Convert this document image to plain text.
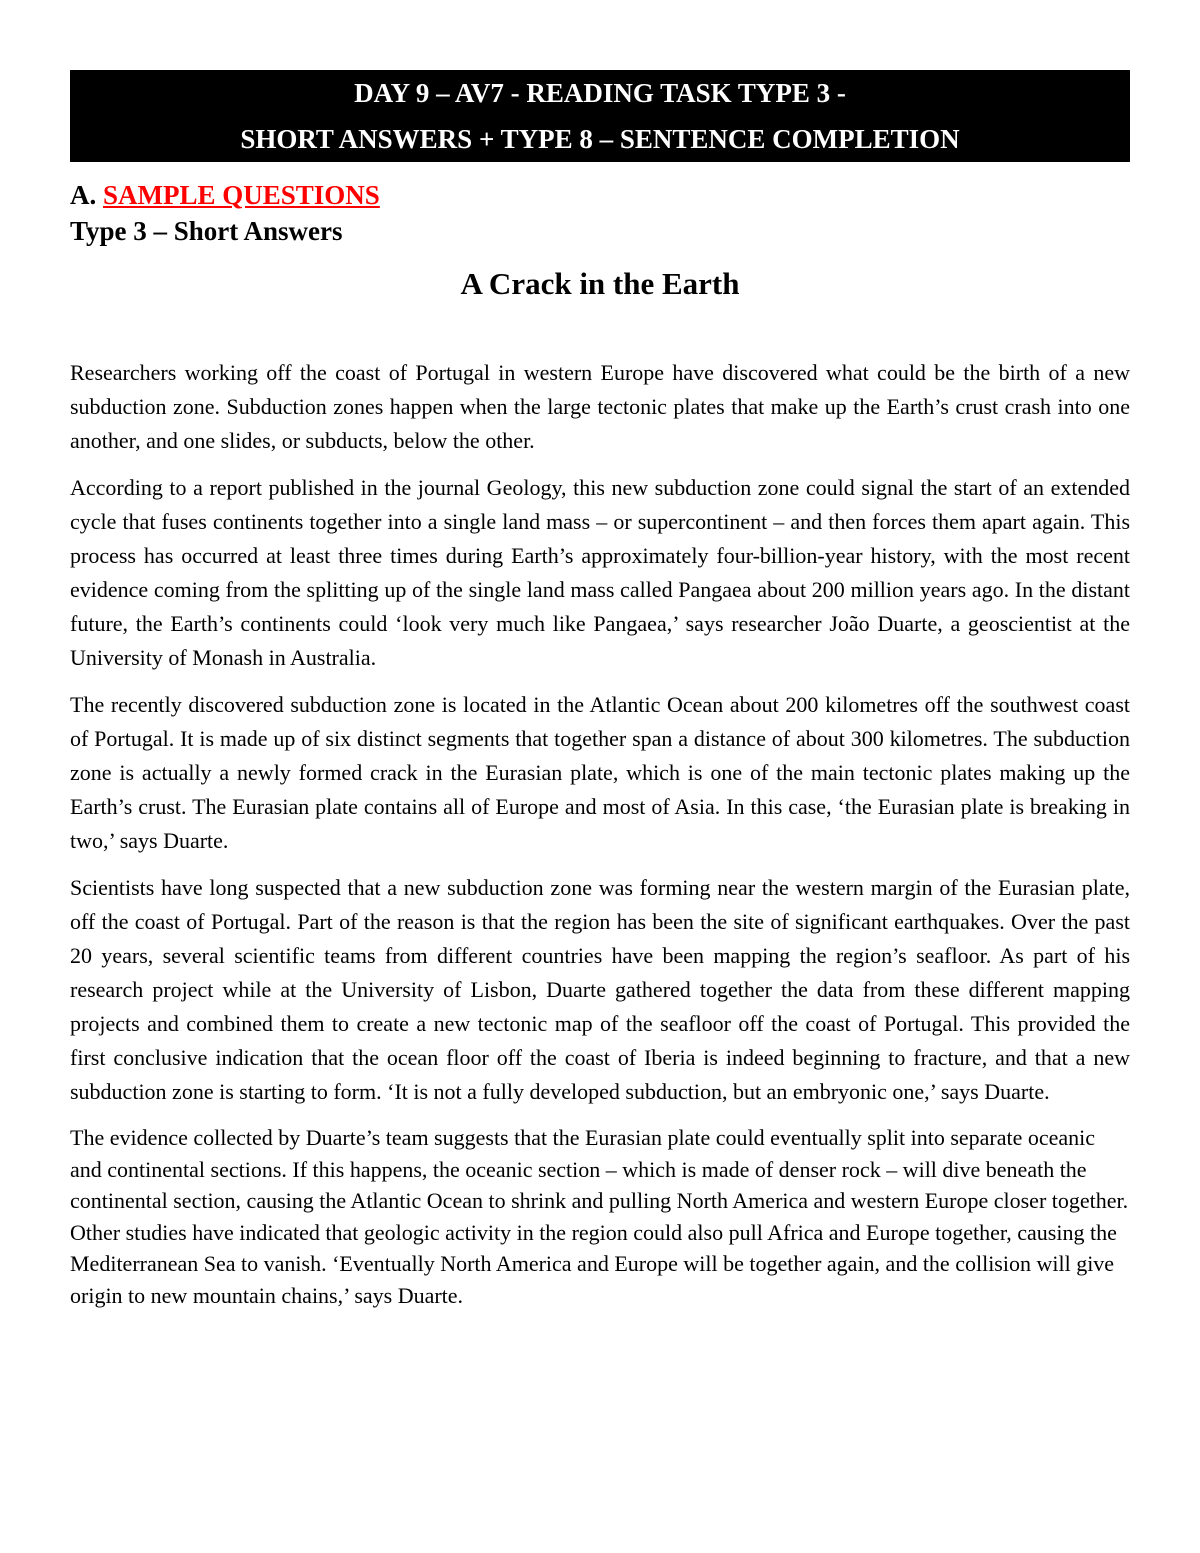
DAY 9 – AV7 - READING TASK TYPE 3 -
SHORT ANSWERS + TYPE 8 – SENTENCE COMPLETION
A. SAMPLE QUESTIONS
Type 3 – Short Answers
A Crack in the Earth

Researchers working off the coast of Portugal in western Europe have discovered what could be the birth of a new subduction zone. Subduction zones happen when the large tectonic plates that make up the Earth’s crust crash into one another, and one slides, or subducts, below the other.

According to a report published in the journal Geology, this new subduction zone could signal the start of an extended cycle that fuses continents together into a single land mass – or supercontinent – and then forces them apart again. This process has occurred at least three times during Earth’s approximately four-billion-year history, with the most recent evidence coming from the splitting up of the single land mass called Pangaea about 200 million years ago. In the distant future, the Earth’s continents could ‘look very much like Pangaea,’ says researcher João Duarte, a geoscientist at the University of Monash in Australia.

The recently discovered subduction zone is located in the Atlantic Ocean about 200 kilometres off the southwest coast of Portugal. It is made up of six distinct segments that together span a distance of about 300 kilometres. The subduction zone is actually a newly formed crack in the Eurasian plate, which is one of the main tectonic plates making up the Earth’s crust. The Eurasian plate contains all of Europe and most of Asia. In this case, ‘the Eurasian plate is breaking in two,’ says Duarte.

Scientists have long suspected that a new subduction zone was forming near the western margin of the Eurasian plate, off the coast of Portugal. Part of the reason is that the region has been the site of significant earthquakes. Over the past 20 years, several scientific teams from different countries have been mapping the region’s seafloor. As part of his research project while at the University of Lisbon, Duarte gathered together the data from these different mapping projects and combined them to create a new tectonic map of the seafloor off the coast of Portugal. This provided the first conclusive indication that the ocean floor off the coast of Iberia is indeed beginning to fracture, and that a new subduction zone is starting to form. ‘It is not a fully developed subduction, but an embryonic one,’ says Duarte.

The evidence collected by Duarte’s team suggests that the Eurasian plate could eventually split into separate oceanic and continental sections. If this happens, the oceanic section – which is made of denser rock – will dive beneath the continental section, causing the Atlantic Ocean to shrink and pulling North America and western Europe closer together. Other studies have indicated that geologic activity in the region could also pull Africa and Europe together, causing the Mediterranean Sea to vanish. ‘Eventually North America and Europe will be together again, and the collision will give origin to new mountain chains,’ says Duarte.
